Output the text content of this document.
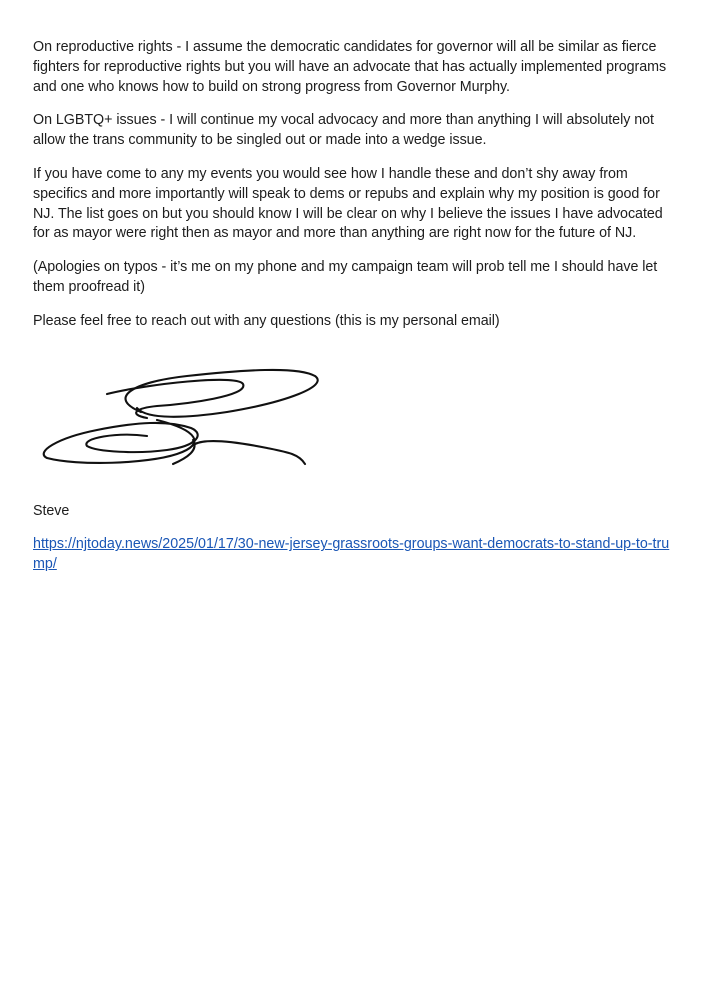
On reproductive rights - I assume the democratic candidates for governor will all be similar as fierce fighters for reproductive rights but you will have an advocate that has actually implemented programs and one who knows how to build on strong progress from Governor Murphy.

On LGBTQ+ issues - I will continue my vocal advocacy and more than anything I will absolutely not allow the trans community to be singled out or made into a wedge issue.

If you have come to any my events you would see how I handle these and don’t shy away from specifics and more importantly will speak to dems or repubs and explain why my position is good for NJ. The list goes on but you should know I will be clear on why I believe the issues I have advocated for as mayor were right then as mayor and more than anything are right now for the future of NJ.

(Apologies on typos - it’s me on my phone and my campaign team will prob tell me I should have let them proofread it)

Please feel free to reach out with any questions (this is my personal email)

Steve

https://njtoday.news/2025/01/17/30-new-jersey-grassroots-groups-want-democrats-to-stand-up-to-trump/
